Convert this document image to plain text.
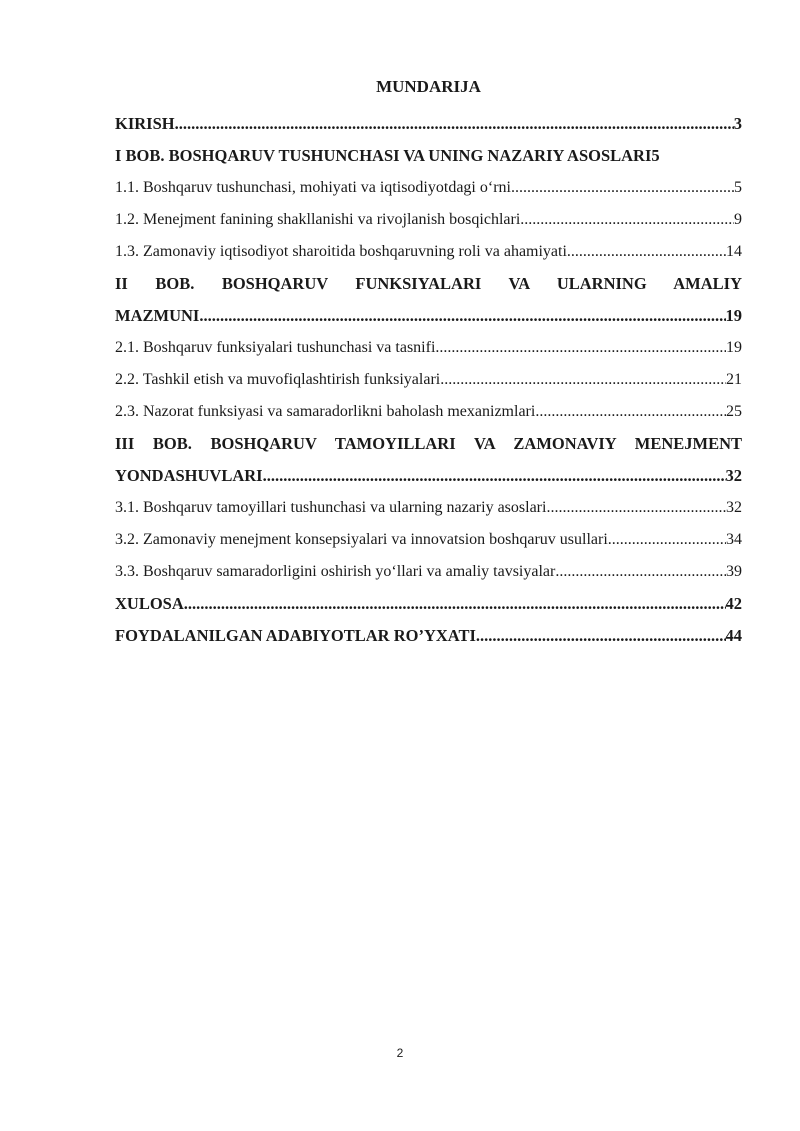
MUNDARIJA
KIRISH .....	3
I BOB. BOSHQARUV TUSHUNCHASI VA UNING NAZARIY ASOSLARI 5
1.1. Boshqaruv tushunchasi, mohiyati va iqtisodiyotdagi o‘rni .....	5
1.2. Menejment fanining shakllanishi va rivojlanish bosqichlari .....	9
1.3. Zamonaviy iqtisodiyot sharoitida boshqaruvning roli va ahamiyati .....	14
II BOB. BOSHQARUV FUNKSIYALARI VA ULARNING AMALIY
MAZMUNI .....	19
2.1. Boshqaruv funksiyalari tushunchasi va tasnifi .....	19
2.2. Tashkil etish va muvofiqlashtirish funksiyalari .....	21
2.3. Nazorat funksiyasi va samaradorlikni baholash mexanizmlari .....	25
III BOB. BOSHQARUV TAMOYILLARI VA ZAMONAVIY MENEJMENT
YONDASHUVLARI .....	32
3.1. Boshqaruv tamoyillari tushunchasi va ularning nazariy asoslari .....	32
3.2. Zamonaviy menejment konsepsiyalari va innovatsion boshqaruv usullari .....	34
3.3. Boshqaruv samaradorligini oshirish yo‘llari va amaliy tavsiyalar .....	39
XULOSA .....	42
FOYDALANILGAN ADABIYOTLAR RO’YXATI .....	44
2
